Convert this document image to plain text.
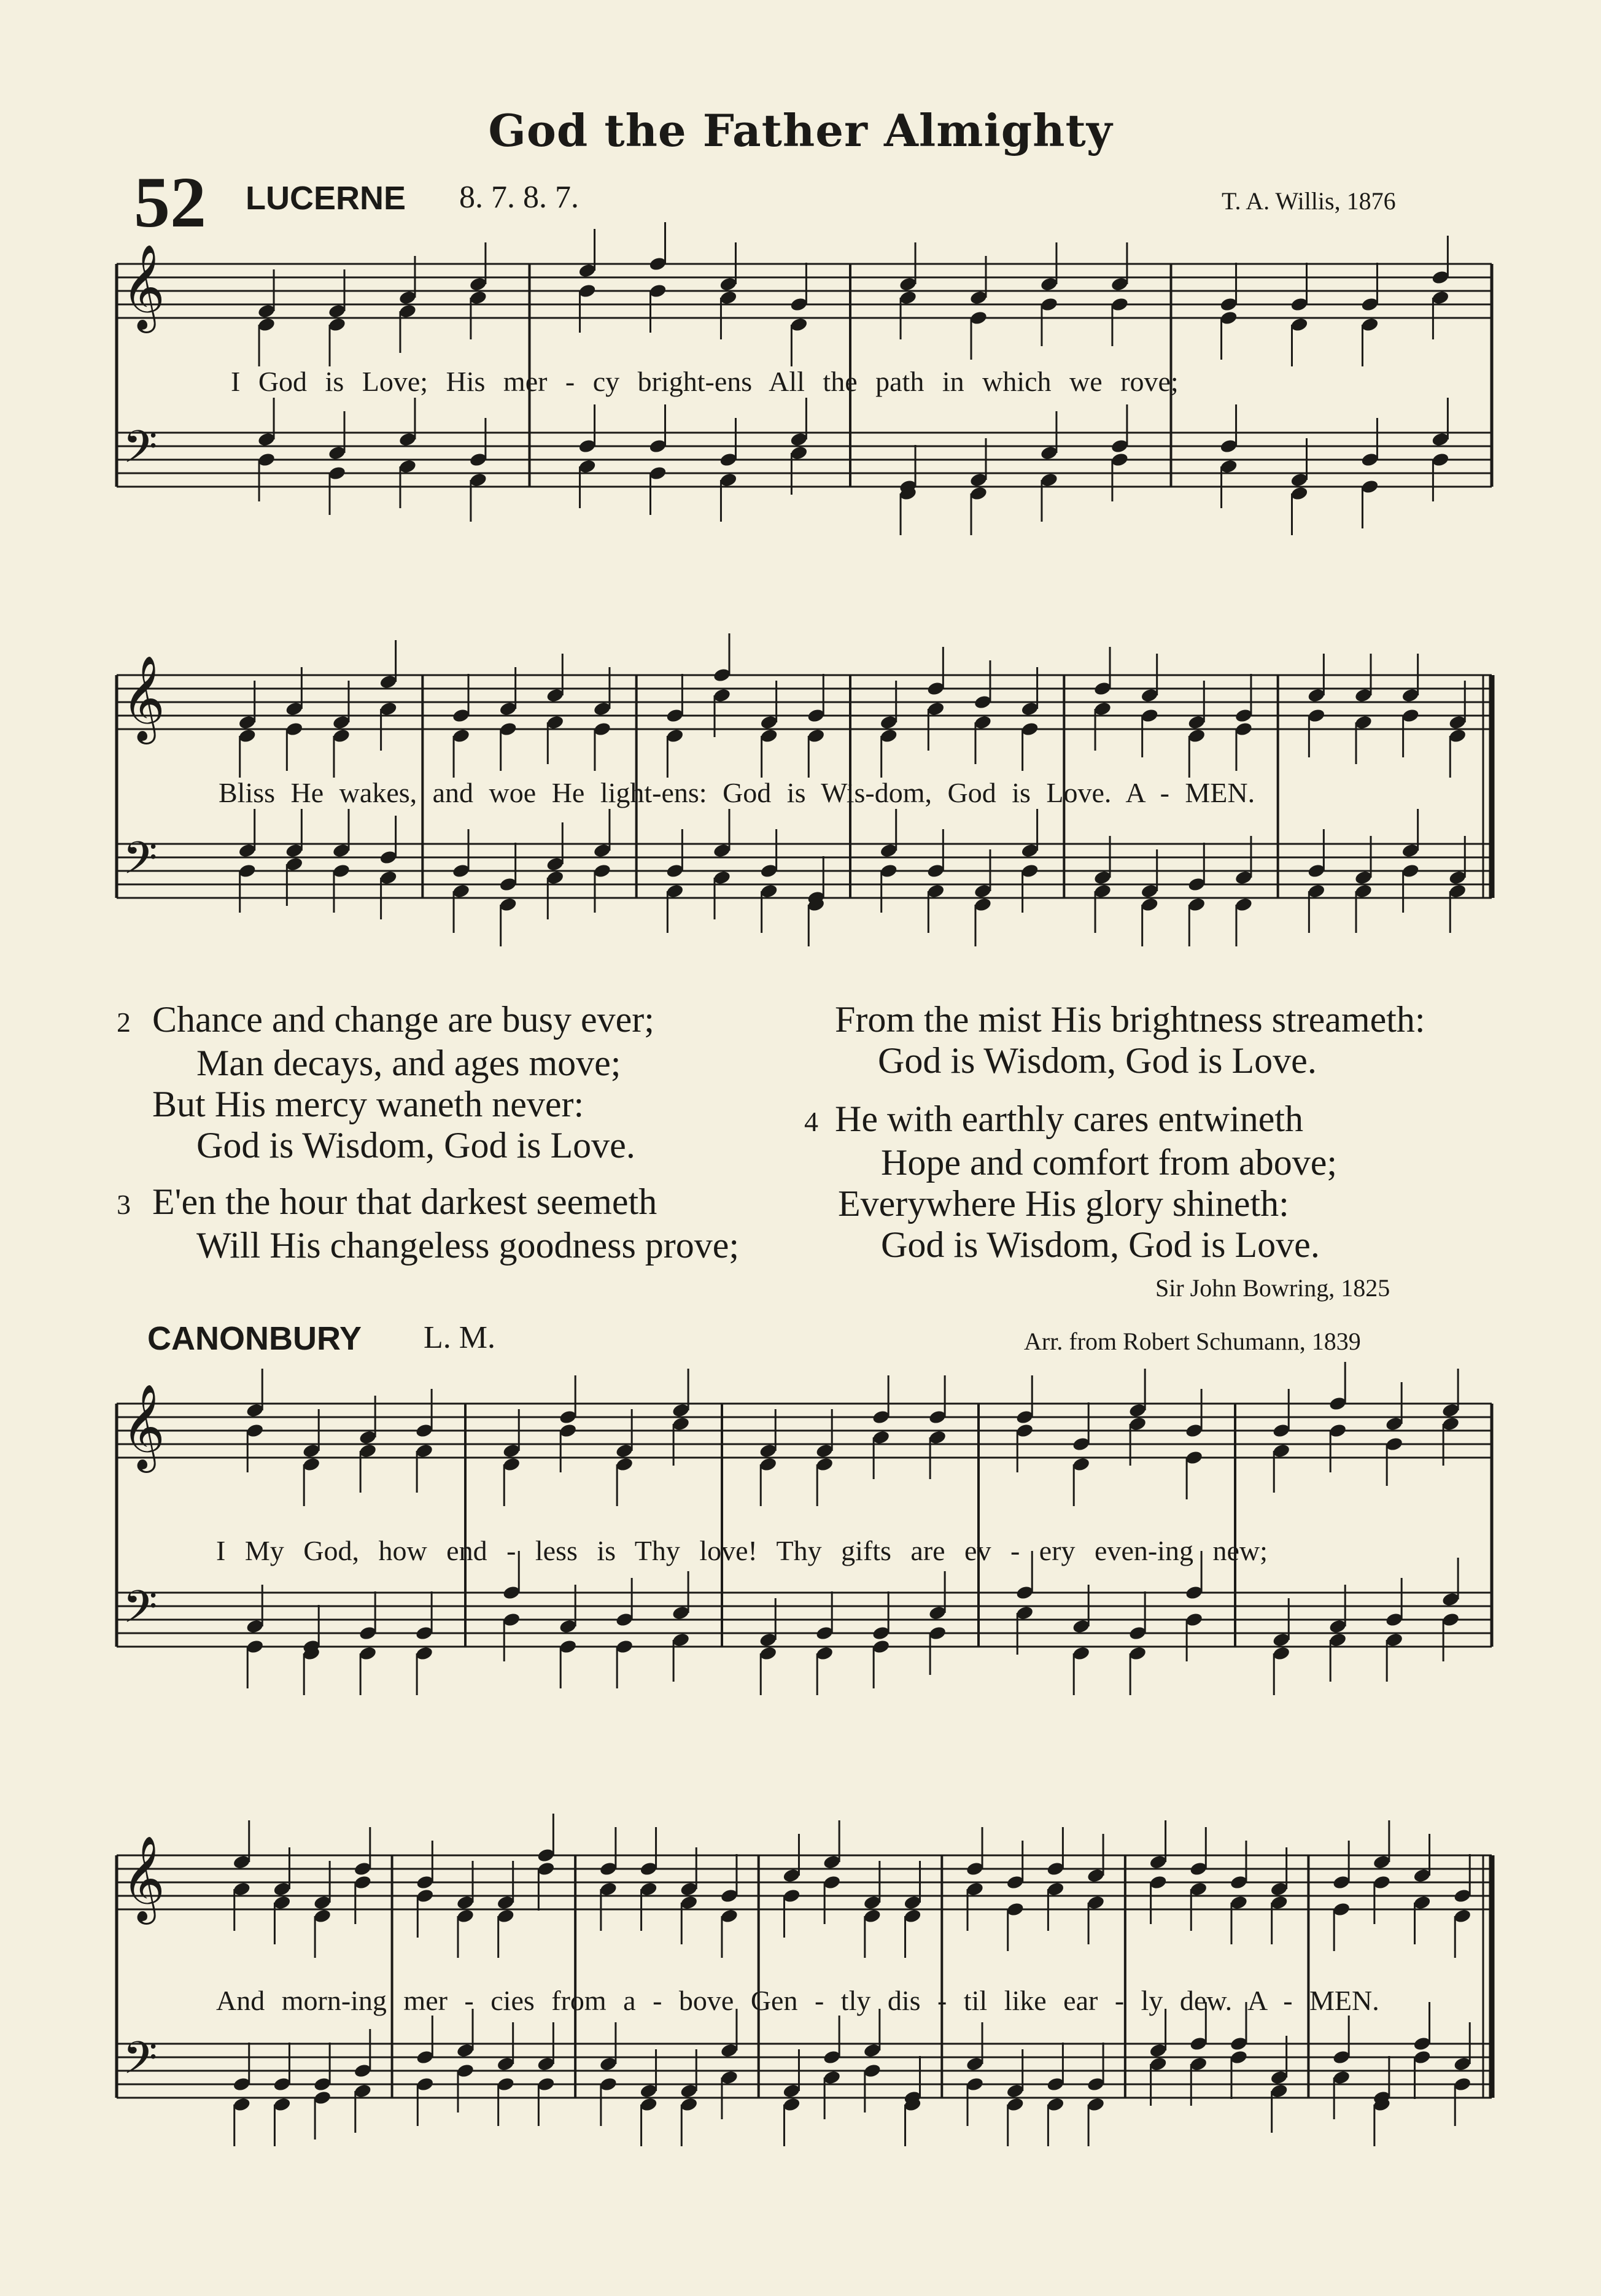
God the Father Almighty
52 LUCERNE 8. 7. 8. 7.	T. A. Willis, 1876
𝄞
𝄢
𝄞
𝄢
𝄞
𝄢
𝄞
𝄢
I God is Love; His mer - cy bright-ens All the path in which we rove;
Bliss He wakes, and woe He light-ens: God is Wis-dom, God is Love. A - MEN.
2 Chance and change are busy ever;
Man decays, and ages move;
But His mercy waneth never:
God is Wisdom, God is Love.
3 E'en the hour that darkest seemeth
Will His changeless goodness prove;
From the mist His brightness streameth:
God is Wisdom, God is Love.
4 He with earthly cares entwineth
Hope and comfort from above;
Everywhere His glory shineth:
God is Wisdom, God is Love.
Sir John Bowring, 1825
CANONBURY L. M.	Arr. from Robert Schumann, 1839
I My God, how end - less is Thy love! Thy gifts are ev - ery even-ing new;
And morn-ing mer - cies from a - bove Gen - tly dis - til like ear - ly dew. A - MEN.
